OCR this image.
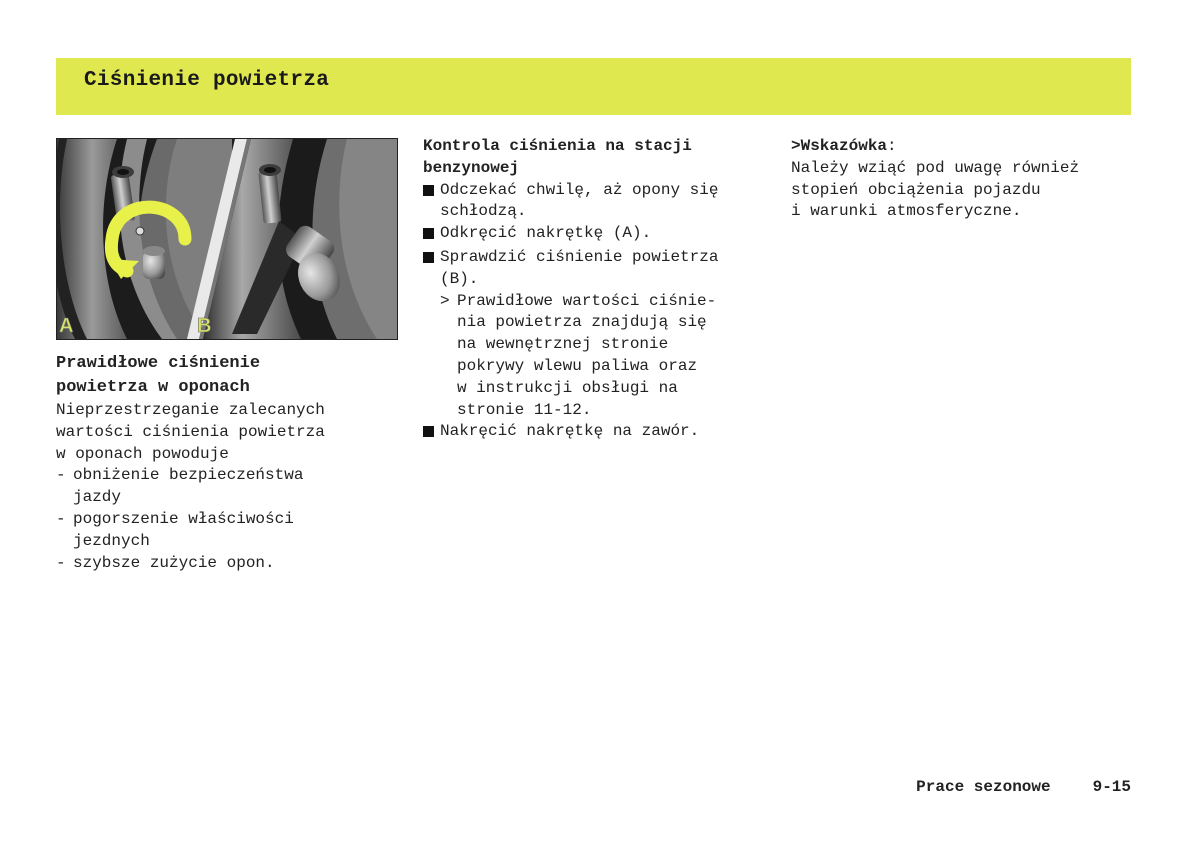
Ciśnienie powietrza
A	B

Prawidłowe ciśnienie
powietrza w oponach

Nieprzestrzeganie zalecanych
wartości ciśnienia powietrza
w oponach powoduje

- obniżenie bezpieczeństwa
jazdy
- pogorszenie właściwości
jezdnych
- szybsze zużycie opon.

Kontrola ciśnienia na stacji
benzynowej

Odczekać chwilę, aż opony się
schłodzą.
Odkręcić nakrętkę (A).
Sprawdzić ciśnienie powietrza
(B).
> Prawidłowe wartości ciśnie-
nia powietrza znajdują się
na wewnętrznej stronie
pokrywy wlewu paliwa oraz
w instrukcji obsługi na
stronie 11-12.
Nakręcić nakrętkę na zawór.

>Wskazówka:

Należy wziąć pod uwagę również
stopień obciążenia pojazdu
i warunki atmosferyczne.

Prace sezonowe	9-15
